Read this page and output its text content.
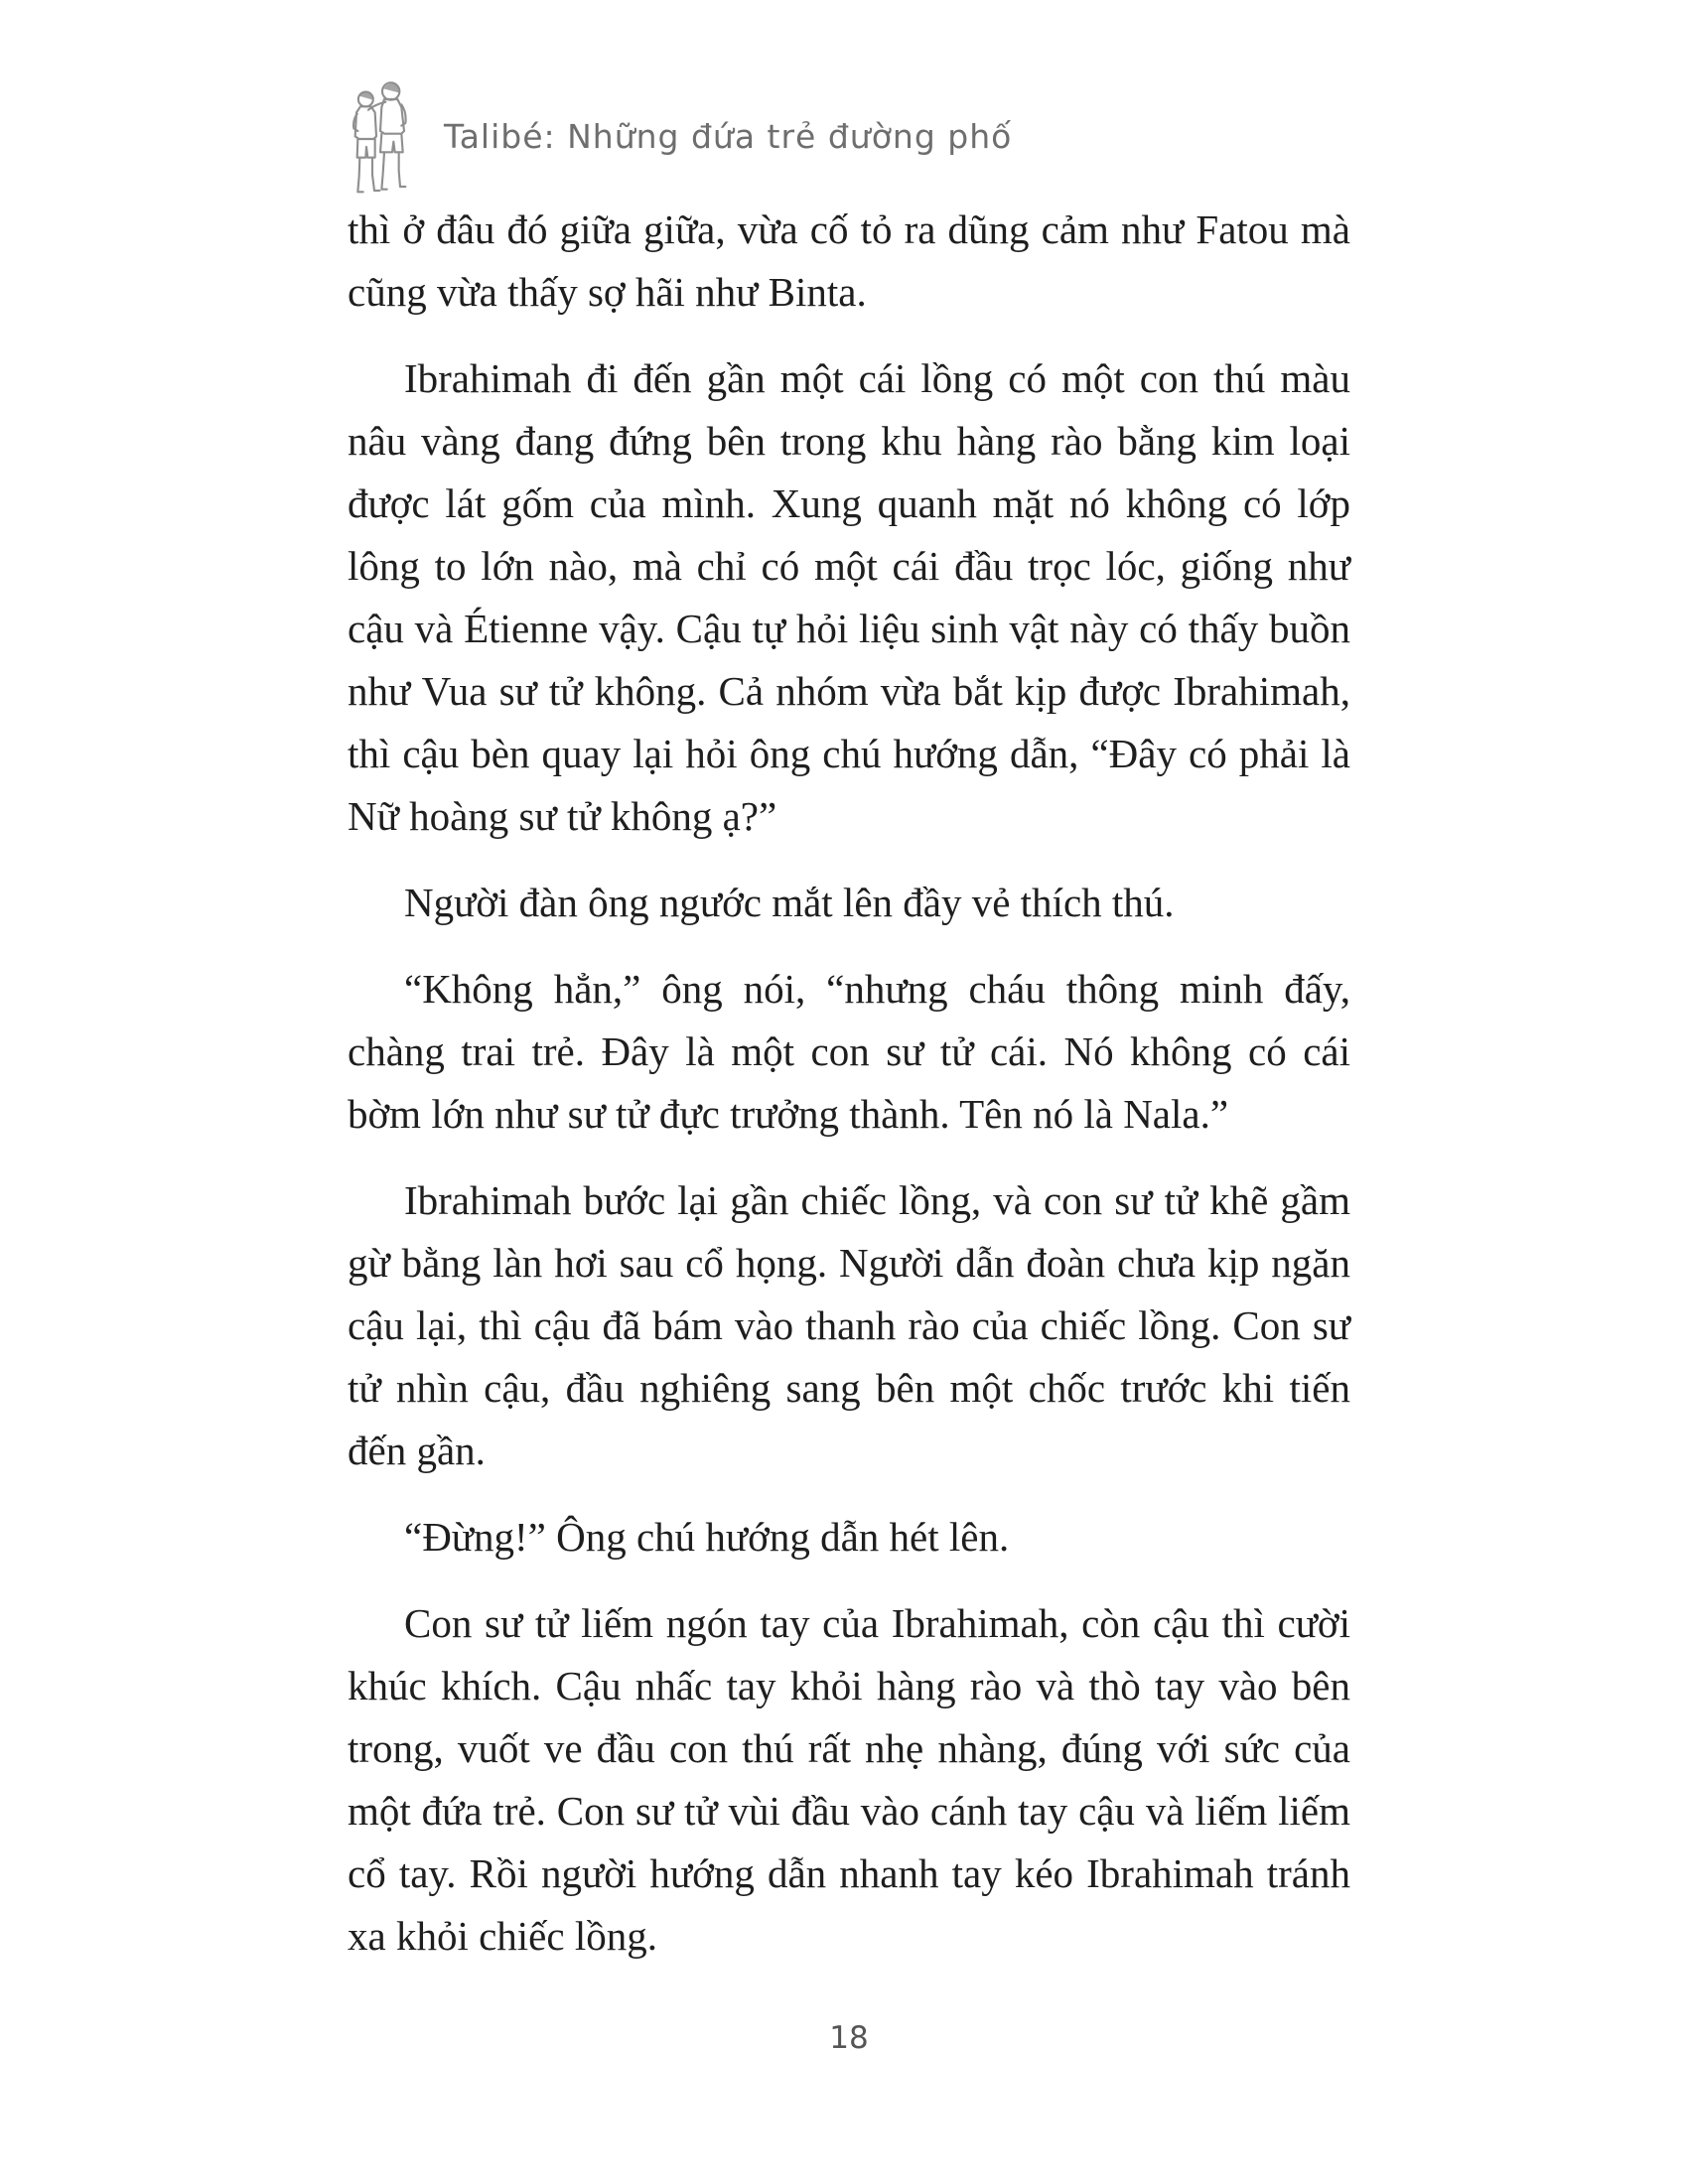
Talibé: Những đứa trẻ đường phố

thì ở đâu đó giữa giữa, vừa cố tỏ ra dũng cảm như Fatou mà cũng vừa thấy sợ hãi như Binta.

Ibrahimah đi đến gần một cái lồng có một con thú màu nâu vàng đang đứng bên trong khu hàng rào bằng kim loại được lát gốm của mình. Xung quanh mặt nó không có lớp lông to lớn nào, mà chỉ có một cái đầu trọc lóc, giống như cậu và Étienne vậy. Cậu tự hỏi liệu sinh vật này có thấy buồn như Vua sư tử không. Cả nhóm vừa bắt kịp được Ibrahimah, thì cậu bèn quay lại hỏi ông chú hướng dẫn, “Đây có phải là Nữ hoàng sư tử không ạ?”

Người đàn ông ngước mắt lên đầy vẻ thích thú.

“Không hẳn,” ông nói, “nhưng cháu thông minh đấy, chàng trai trẻ. Đây là một con sư tử cái. Nó không có cái bờm lớn như sư tử đực trưởng thành. Tên nó là Nala.”

Ibrahimah bước lại gần chiếc lồng, và con sư tử khẽ gầm gừ bằng làn hơi sau cổ họng. Người dẫn đoàn chưa kịp ngăn cậu lại, thì cậu đã bám vào thanh rào của chiếc lồng. Con sư tử nhìn cậu, đầu nghiêng sang bên một chốc trước khi tiến đến gần.

“Đừng!” Ông chú hướng dẫn hét lên.

Con sư tử liếm ngón tay của Ibrahimah, còn cậu thì cười khúc khích. Cậu nhấc tay khỏi hàng rào và thò tay vào bên trong, vuốt ve đầu con thú rất nhẹ nhàng, đúng với sức của một đứa trẻ. Con sư tử vùi đầu vào cánh tay cậu và liếm liếm cổ tay. Rồi người hướng dẫn nhanh tay kéo Ibrahimah tránh xa khỏi chiếc lồng.

18
